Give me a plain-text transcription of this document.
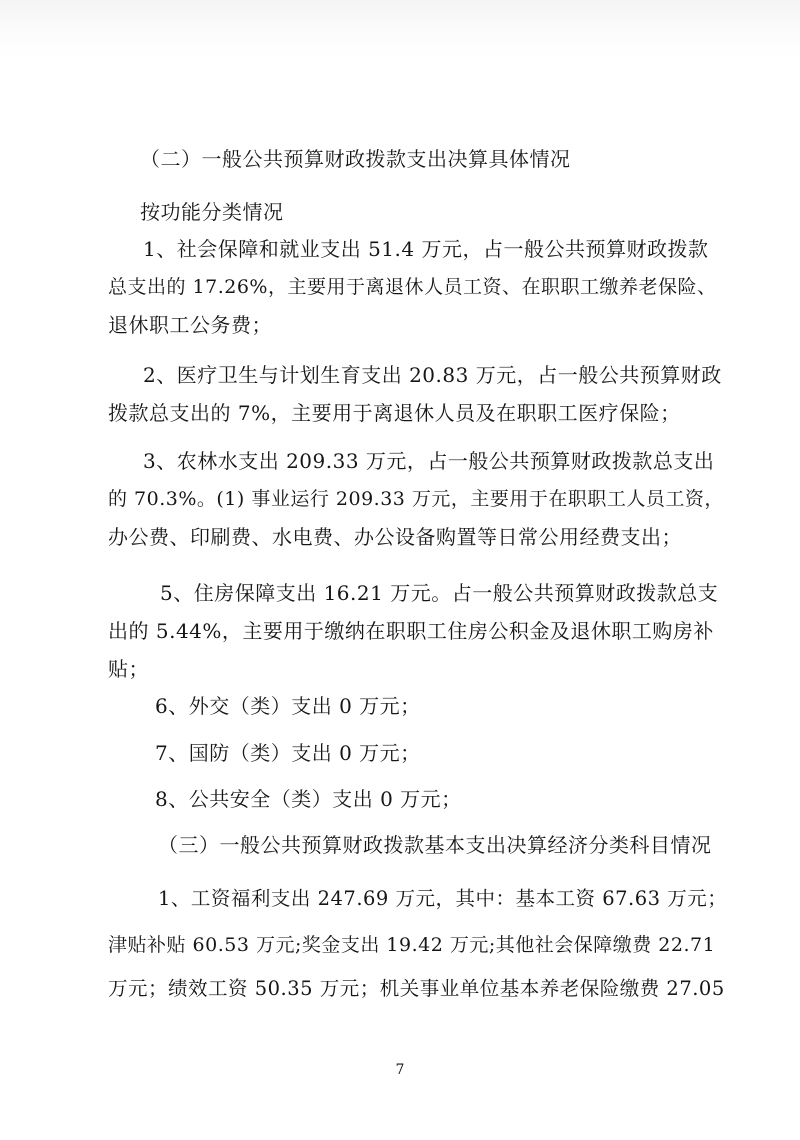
（二）一般公共预算财政拨款支出决算具体情况
按功能分类情况
1、社会保障和就业支出 51.4 万元，占一般公共预算财政拨款
总支出的 17.26%，主要用于离退休人员工资、在职职工缴养老保险、
退休职工公务费；
2、医疗卫生与计划生育支出 20.83 万元，占一般公共预算财政
拨款总支出的 7%，主要用于离退休人员及在职职工医疗保险；
3、农林水支出 209.33 万元，占一般公共预算财政拨款总支出
的 70.3%。(1) 事业运行 209.33 万元，主要用于在职职工人员工资，
办公费、印刷费、水电费、办公设备购置等日常公用经费支出；
5、住房保障支出 16.21 万元。占一般公共预算财政拨款总支
出的 5.44%，主要用于缴纳在职职工住房公积金及退休职工购房补
贴；
6、外交（类）支出 0 万元；
7、国防（类）支出 0 万元；
8、公共安全（类）支出 0 万元；
（三）一般公共预算财政拨款基本支出决算经济分类科目情况
1、工资福利支出 247.69 万元，其中：基本工资 67.63 万元；
津贴补贴 60.53 万元;奖金支出 19.42 万元;其他社会保障缴费 22.71
万元；绩效工资 50.35 万元；机关事业单位基本养老保险缴费 27.05
7
